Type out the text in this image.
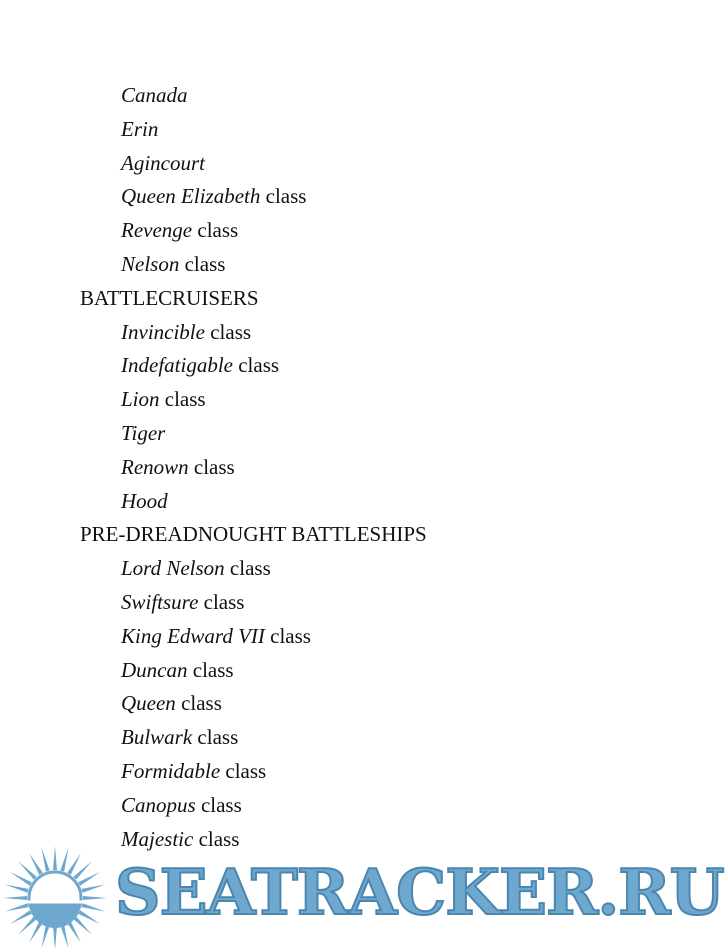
Canada
Erin
Agincourt
Queen Elizabeth class
Revenge class
Nelson class
BATTLECRUISERS
Invincible class
Indefatigable class
Lion class
Tiger
Renown class
Hood
PRE-DREADNOUGHT BATTLESHIPS
Lord Nelson class
Swiftsure class
King Edward VII class
Duncan class
Queen class
Bulwark class
Formidable class
Canopus class
Majestic class
SEATRACKER.RU
